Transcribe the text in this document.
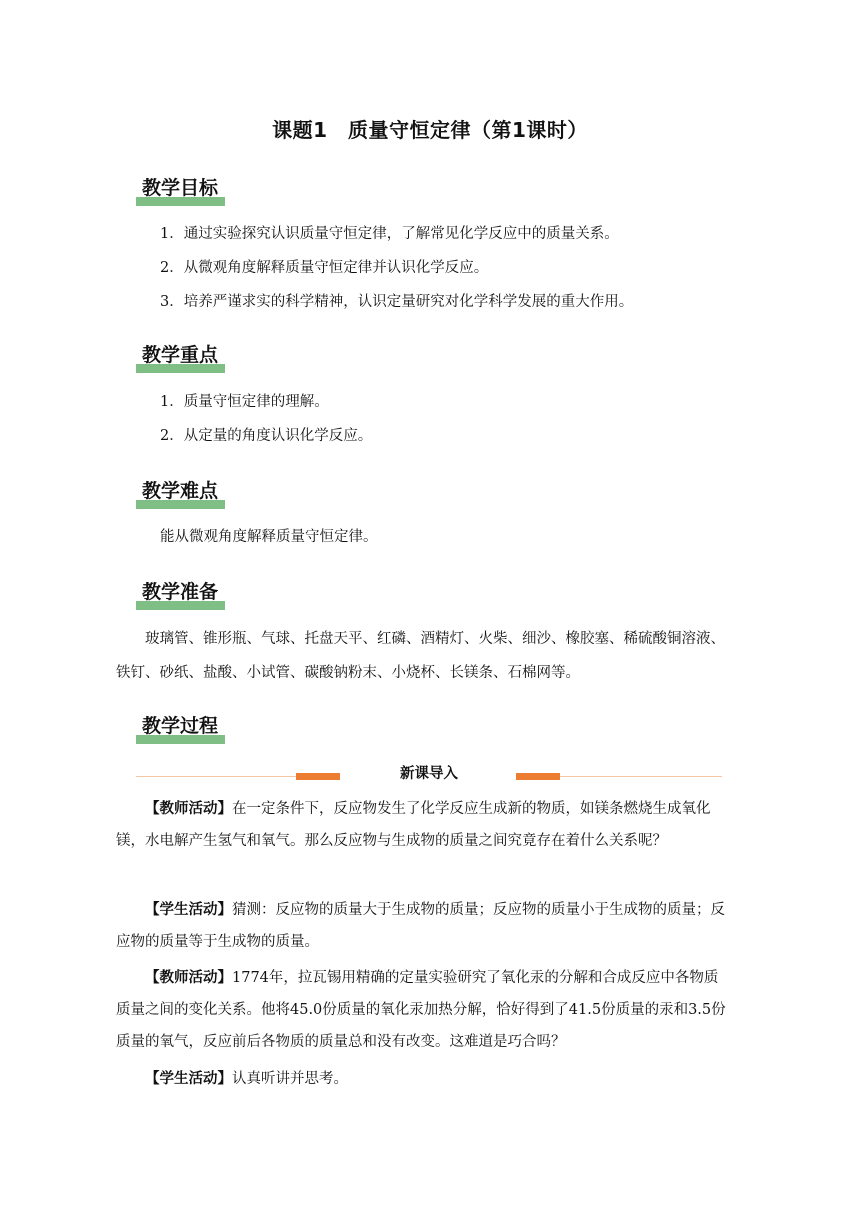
课题1　质量守恒定律（第1课时）
教学目标
1．通过实验探究认识质量守恒定律，了解常见化学反应中的质量关系。
2．从微观角度解释质量守恒定律并认识化学反应。
3．培养严谨求实的科学精神，认识定量研究对化学科学发展的重大作用。
教学重点
1．质量守恒定律的理解。
2．从定量的角度认识化学反应。
教学难点
能从微观角度解释质量守恒定律。
教学准备
玻璃管、锥形瓶、气球、托盘天平、红磷、酒精灯、火柴、细沙、橡胶塞、稀硫酸铜溶液、铁钉、砂纸、盐酸、小试管、碳酸钠粉末、小烧杯、长镁条、石棉网等。
教学过程
新课导入
【教师活动】在一定条件下，反应物发生了化学反应生成新的物质，如镁条燃烧生成氧化镁，水电解产生氢气和氧气。那么反应物与生成物的质量之间究竟存在着什么关系呢？
【学生活动】猜测：反应物的质量大于生成物的质量；反应物的质量小于生成物的质量；反应物的质量等于生成物的质量。
【教师活动】1774年，拉瓦锡用精确的定量实验研究了氧化汞的分解和合成反应中各物质质量之间的变化关系。他将45.0份质量的氧化汞加热分解，恰好得到了41.5份质量的汞和3.5份质量的氧气，反应前后各物质的质量总和没有改变。这难道是巧合吗？
【学生活动】认真听讲并思考。
